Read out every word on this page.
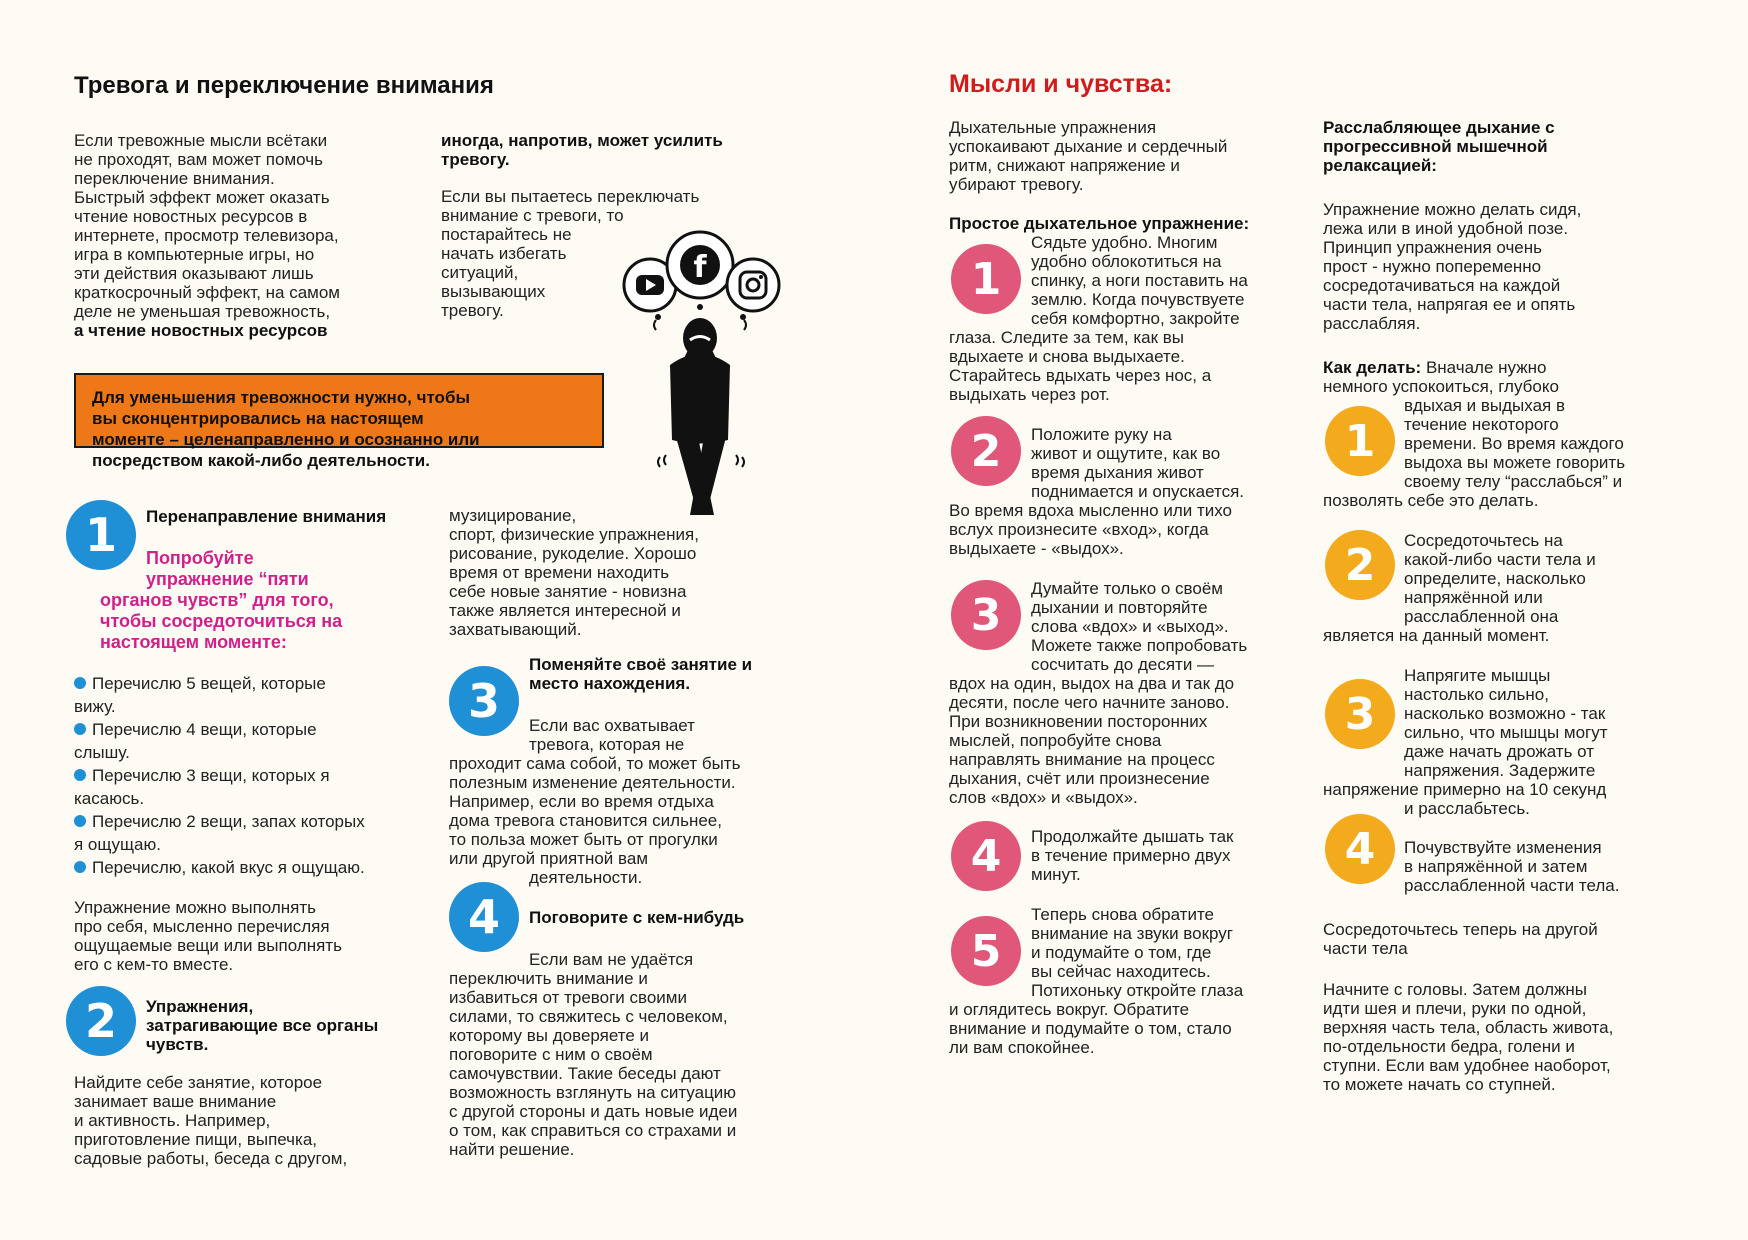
Тревога и переключение внимания

Если тревожные мысли всётаки

не проходят, вам может помочь

переключение внимания.

Быстрый эффект может оказать

чтение новостных ресурсов в

интернете, просмотр телевизора,

игра в компьютерные игры, но

эти действия оказывают лишь

краткосрочный эффект, на самом

деле не уменьшая тревожность,

а чтение новостных ресурсов

иногда, напротив, может усилить

тревогу.

Если вы пытаетесь переключать

внимание с тревоги, то

постарайтесь не

начать избегать

ситуаций,

вызывающих

тревогу.

f

Для уменьшения тревожности нужно, чтобы

вы сконцентрировались на настоящем

моменте – целенаправленно и осознанно или

посредством какой-либо деятельности.

1	Перенаправление внимания

Попробуйте

упражнение “пяти

органов чувств” для того,

чтобы сосредоточиться на

настоящем моменте:

Перечислю 5 вещей, которые
вижу.
Перечислю 4 вещи, которые
слышу.
Перечислю 3 вещи, которых я
касаюсь.
Перечислю 2 вещи, запах которых
я ощущаю.
Перечислю, какой вкус я ощущаю.

Упражнение можно выполнять

про себя, мысленно перечисляя

ощущаемые вещи или выполнять

его с кем-то вместе.

2	Упражнения,

затрагивающие все органы

чувств.

Найдите себе занятие, которое

занимает ваше внимание

и активность. Например,

приготовление пищи, выпечка,

садовые работы, беседа с другом,

музицирование,

спорт, физические упражнения,

рисование, рукоделие. Хорошо

время от времени находить

себе новые занятие - новизна

также является интересной и

захватывающий.

3

Поменяйте своё занятие и

место нахождения.

Если вас охватывает

тревога, которая не

проходит сама собой, то может быть

полезным изменение деятельности.

Например, если во время отдыха

дома тревога становится сильнее,

то польза может быть от прогулки

или другой приятной вам

деятельности.

4	Поговорите с кем-нибудь

Если вам не удаётся

переключить внимание и

избавиться от тревоги своими

силами, то свяжитесь с человеком,

которому вы доверяете и

поговорите с ним о своём

самочувствии. Такие беседы дают

возможность взглянуть на ситуацию

с другой стороны и дать новые идеи

о том, как справиться со страхами и

найти решение.

Мысли и чувства:

Дыхательные упражнения

успокаивают дыхание и сердечный

ритм, снижают напряжение и

убирают тревогу.

Простое дыхательное упражнение:
1

Сядьте удобно. Многим

удобно облокотиться на

спинку, а ноги поставить на

землю. Когда почувствуете

себя комфортно, закройте

глаза. Следите за тем, как вы

вдыхаете и снова выдыхаете.

Старайтесь вдыхать через нос, а

выдыхать через рот.

2	Положите руку на

живот и ощутите, как во

время дыхания живот

поднимается и опускается.

Во время вдоха мысленно или тихо

вслух произнесите «вход», когда

выдыхаете - «выдох».

3

Думайте только о своём

дыхании и повторяйте

слова «вдох» и «выход».

Можете также попробовать

сосчитать до десяти —

вдох на один, выдох на два и так до

десяти, после чего начните заново.

При возникновении посторонних

мыслей, попробуйте снова

направлять внимание на процесс

дыхания, счёт или произнесение

слов «вдох» и «выдох».

4	Продолжайте дышать так

в течение примерно двух

минут.

5

Теперь снова обратите

внимание на звуки вокруг

и подумайте о том, где

вы сейчас находитесь.

Потихоньку откройте глаза

и оглядитесь вокруг. Обратите

внимание и подумайте о том, стало

ли вам спокойнее.

Расслабляющее дыхание с

прогрессивной мышечной

релаксацией:

Упражнение можно делать сидя,

лежа или в иной удобной позе.

Принцип упражнения очень

прост - нужно попеременно

сосредотачиваться на каждой

части тела, напрягая ее и опять

расслабляя.

Как делать: Вначале нужно

немного успокоиться, глубоко

1

вдыхая и выдыхая в

течение некоторого

времени. Во время каждого

выдоха вы можете говорить

своему телу “расслабься” и

позволять себе это делать.

2	Сосредоточьтесь на

какой-либо части тела и

определите, насколько

напряжённой или

расслабленной она

является на данный момент.

3

Напрягите мышцы

настолько сильно,

насколько возможно - так

сильно, что мышцы могут

даже начать дрожать от

напряжения. Задержите

напряжение примерно на 10 секунд

и расслабьтесь.

4	Почувствуйте изменения

в напряжённой и затем

расслабленной части тела.

Сосредоточьтесь теперь на другой

части тела

Начните с головы. Затем должны

идти шея и плечи, руки по одной,

верхняя часть тела, область живота,

по-отдельности бедра, голени и

ступни. Если вам удобнее наоборот,

то можете начать со ступней.
